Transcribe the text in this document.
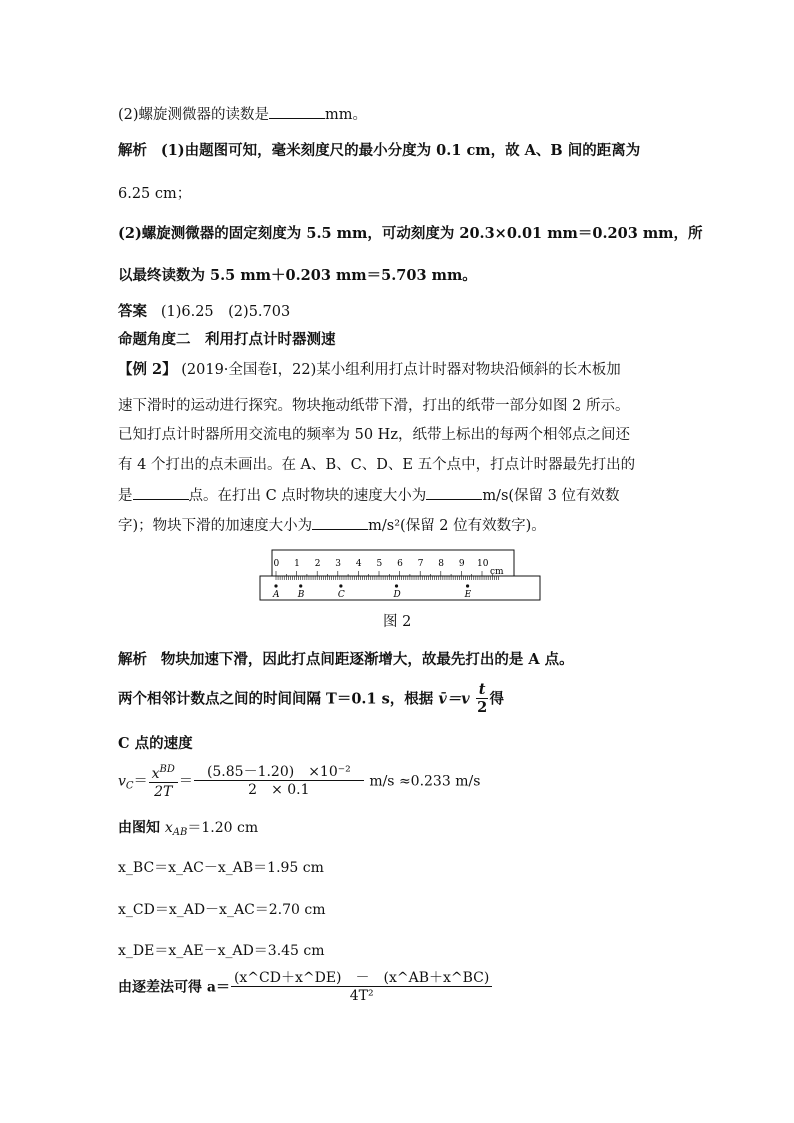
(2)螺旋测微器的读数是	mm。
解析 (1)由题图可知，毫米刻度尺的最小分度为 0.1 cm，故 A、B 间的距离为
6.25 cm；
(2)螺旋测微器的固定刻度为 5.5 mm，可动刻度为 20.3×0.01 mm＝0.203 mm，所
以最终读数为 5.5 mm＋0.203 mm＝5.703 mm。
答案 (1)6.25　(2)5.703
命题角度二　利用打点计时器测速
【例 2】 (2019·全国卷Ⅰ，22)某小组利用打点计时器对物块沿倾斜的长木板加
速下滑时的运动进行探究。物块拖动纸带下滑，打出的纸带一部分如图 2 所示。
已知打点计时器所用交流电的频率为 50 Hz，纸带上标出的每两个相邻点之间还
有 4 个打出的点未画出。在 A、B、C、D、E 五个点中，打点计时器最先打出的
是	点。在打出 C 点时物块的速度大小为	m/s(保留 3 位有效数
字)；物块下滑的加速度大小为	m/s²(保留 2 位有效数字)。
0 1 2 3 4 5 6 7 8 9 10
cm
A B	C	D	E
图 2
解析 物块加速下滑，因此打点间距逐渐增大，故最先打出的是 A 点。
两个相邻计数点之间的时间间隔 T＝0.1 s，根据 v̄＝v $\frac{t}{2}$ 得
C 点的速度
$v_C= \frac{x^{BD}}{2T} = \frac{\text{(5.85－1.20)　×10⁻²}}{2 \times 0.1} m/s \approx 0.233$ m/s
由图知 $x_{AB}=1.20$ cm
x_BC＝x_AC－x_AB＝1.95 cm
x_CD＝x_AD－x_AC＝2.70 cm
x_DE＝x_AE－x_AD＝3.45 cm
由逐差法可得 $a= \frac{(x\^{}CD+x\^{}DE) - (x\^{}AB+x\^{}BC)}{\text{4T²}}$
